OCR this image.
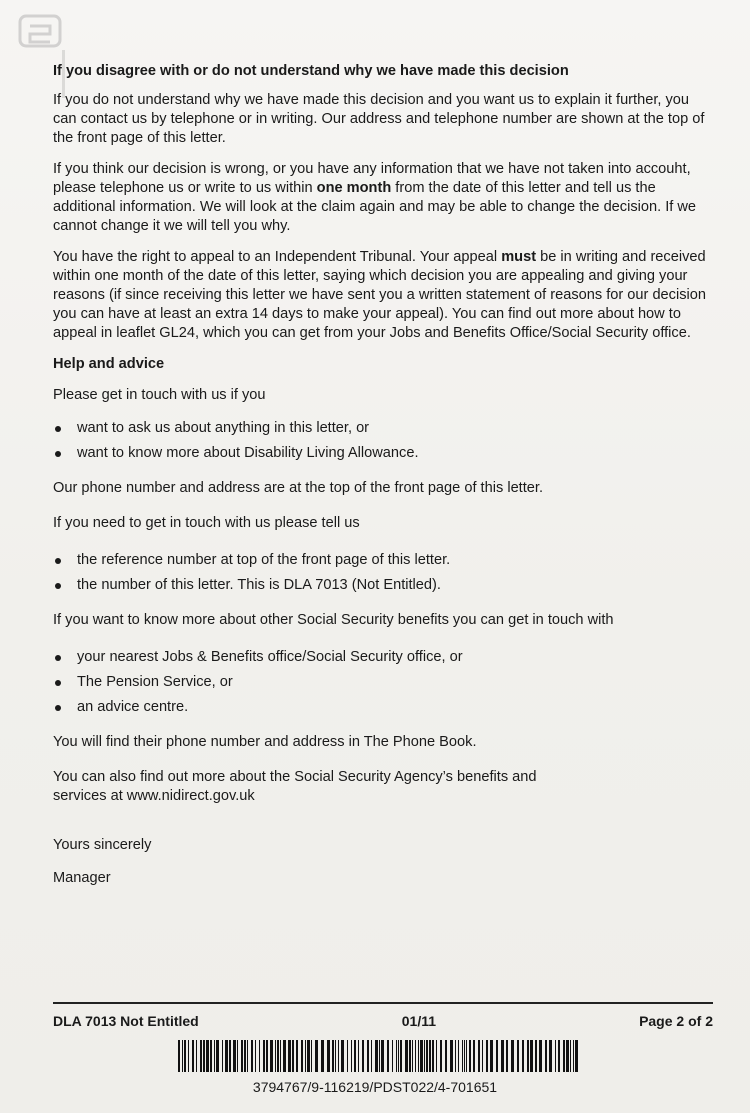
If you disagree with or do not understand why we have made this decision

If you do not understand why we have made this decision and you want us to explain it further, you can contact us by telephone or in writing. Our address and telephone number are shown at the top of the front page of this letter.

If you think our decision is wrong, or you have any information that we have not taken into accouht, please telephone us or write to us within one month from the date of this letter and tell us the additional information. We will look at the claim again and may be able to change the decision. If we cannot change it we will tell you why.

You have the right to appeal to an Independent Tribunal. Your appeal must be in writing and received within one month of the date of this letter, saying which decision you are appealing and giving your reasons (if since receiving this letter we have sent you a written statement of reasons for our decision you can have at least an extra 14 days to make your appeal). You can find out more about how to appeal in leaflet GL24, which you can get from your Jobs and Benefits Office/Social Security office.

Help and advice

Please get in touch with us if you

want to ask us about anything in this letter, or
want to know more about Disability Living Allowance.

Our phone number and address are at the top of the front page of this letter.

If you need to get in touch with us please tell us

the reference number at top of the front page of this letter.
the number of this letter. This is DLA 7013 (Not Entitled).

If you want to know more about other Social Security benefits you can get in touch with

your nearest Jobs & Benefits office/Social Security office, or
The Pension Service, or
an advice centre.

You will find their phone number and address in The Phone Book.

You can also find out more about the Social Security Agency’s benefits and
services at www.nidirect.gov.uk

Yours sincerely

Manager

DLA 7013 Not Entitled	01/11	Page 2 of 2
3794767/9-116219/PDST022/4-701651
